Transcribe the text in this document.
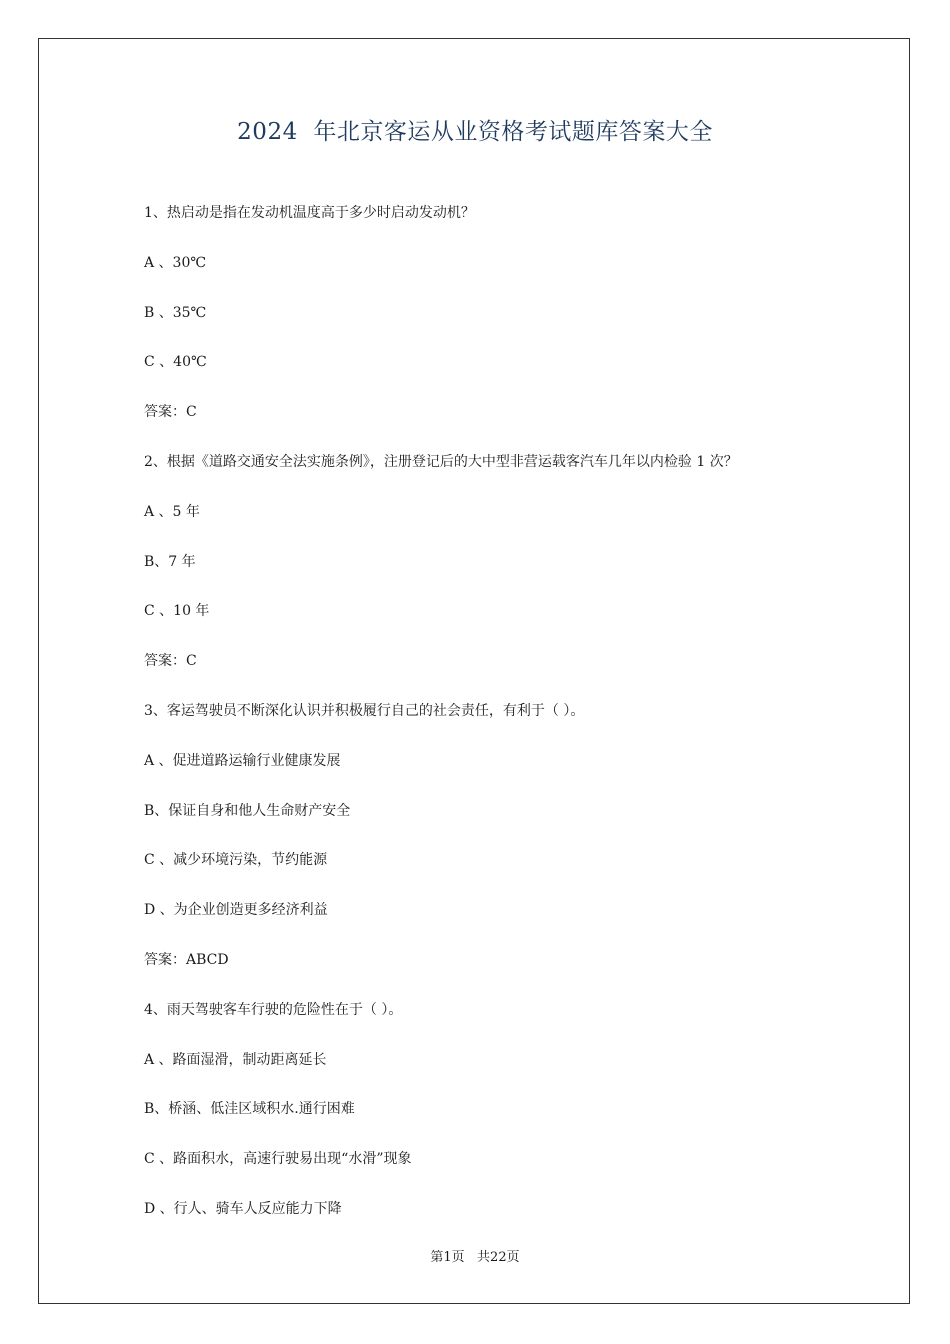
2024  年北京客运从业资格考试题库答案大全
1、热启动是指在发动机温度高于多少时启动发动机？
A 、30℃
B 、35℃
C 、40℃
答案：C
2、根据《道路交通安全法实施条例》，注册登记后的大中型非营运载客汽车几年以内检验 1 次？
A 、5 年
B、7 年
C 、10 年
答案：C
3、客运驾驶员不断深化认识并积极履行自己的社会责任，有利于（ ）。
A 、促进道路运输行业健康发展
B、保证自身和他人生命财产安全
C 、减少环境污染，节约能源
D 、为企业创造更多经济利益
答案：ABCD
4、雨天驾驶客车行驶的危险性在于（ ）。
A 、路面湿滑，制动距离延长
B、桥涵、低洼区域积水.通行困难
C 、路面积水，高速行驶易出现“水滑”现象
D 、行人、骑车人反应能力下降
第1页   共22页
